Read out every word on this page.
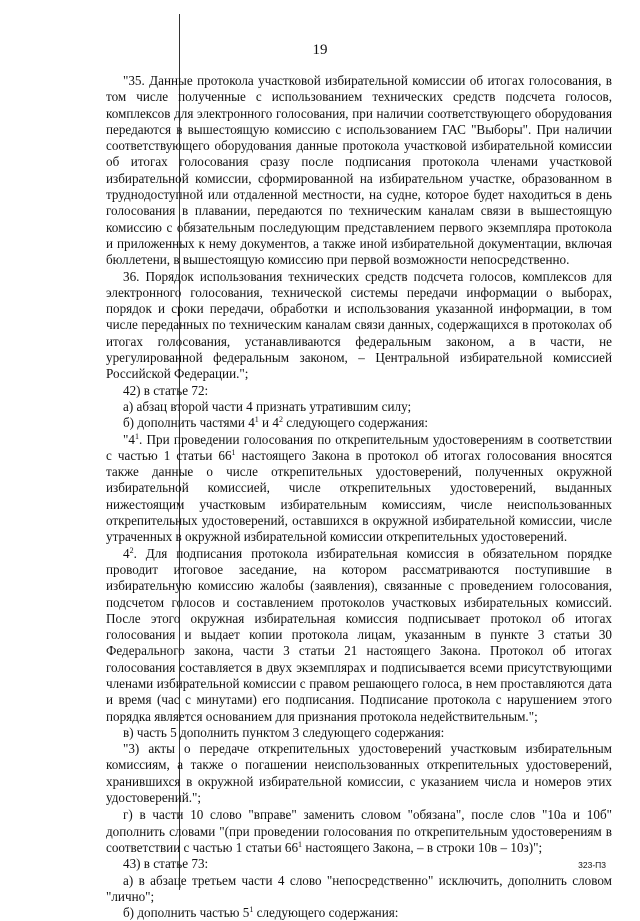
19

"35. Данные протокола участковой избирательной комиссии об итогах голосования, в том числе полученные с использованием технических средств подсчета голосов, комплексов для электронного голосования, при наличии соответствующего оборудования передаются в вышестоящую комиссию с использованием ГАС "Выборы". При наличии соответствующего оборудования данные протокола участковой избирательной комиссии об итогах голосования сразу после подписания протокола членами участковой избирательной комиссии, сформированной на избирательном участке, образованном в труднодоступной или отдаленной местности, на судне, которое будет находиться в день голосования в плавании, передаются по техническим каналам связи в вышестоящую комиссию с обязательным последующим представлением первого экземпляра протокола и приложенных к нему документов, а также иной избирательной документации, включая бюллетени, в вышестоящую комиссию при первой возможности непосредственно.

36. Порядок использования технических средств подсчета голосов, комплексов для электронного голосования, технической системы передачи информации о выборах, порядок и сроки передачи, обработки и использования указанной информации, в том числе переданных по техническим каналам связи данных, содержащихся в протоколах об итогах голосования, устанавливаются федеральным законом, а в части, не урегулированной федеральным законом, – Центральной избирательной комиссией Российской Федерации.";

42) в статье 72:

а) абзац второй части 4 признать утратившим силу;

б) дополнить частями $4^1$ и $4^2$ следующего содержания:

"$4^1$. При проведении голосования по открепительным удостоверениям в соответствии с частью 1 статьи $66^1$ настоящего Закона в протокол об итогах голосования вносятся также данные о числе открепительных удостоверений, полученных окружной избирательной комиссией, числе открепительных удостоверений, выданных нижестоящим участковым избирательным комиссиям, числе неиспользованных открепительных удостоверений, оставшихся в окружной избирательной комиссии, числе утраченных в окружной избирательной комиссии открепительных удостоверений.

$4^2$. Для подписания протокола избирательная комиссия в обязательном порядке проводит итоговое заседание, на котором рассматриваются поступившие в избирательную комиссию жалобы (заявления), связанные с проведением голосования, подсчетом голосов и составлением протоколов участковых избирательных комиссий. После этого окружная избирательная комиссия подписывает протокол об итогах голосования и выдает копии протокола лицам, указанным в пункте 3 статьи 30 Федерального закона, части 3 статьи 21 настоящего Закона. Протокол об итогах голосования составляется в двух экземплярах и подписывается всеми присутствующими членами избирательной комиссии с правом решающего голоса, в нем проставляются дата и время (час с минутами) его подписания. Подписание протокола с нарушением этого порядка является основанием для признания протокола недействительным.";

в) часть 5 дополнить пунктом 3 следующего содержания:

"3) акты о передаче открепительных удостоверений участковым избирательным комиссиям, а также о погашении неиспользованных открепительных удостоверений, хранившихся в окружной избирательной комиссии, с указанием числа и номеров этих удостоверений.";

г) в части 10 слово "вправе" заменить словом "обязана", после слов "10а и 10б" дополнить словами "(при проведении голосования по открепительным удостоверениям в соответствии с частью 1 статьи $66^1$ настоящего Закона, – в строки 10в – 10з)";

43) в статье 73:

а) в абзаце третьем части 4 слово "непосредственно" исключить, дополнить словом "лично";

б) дополнить частью $5^1$ следующего содержания:

323-П3
